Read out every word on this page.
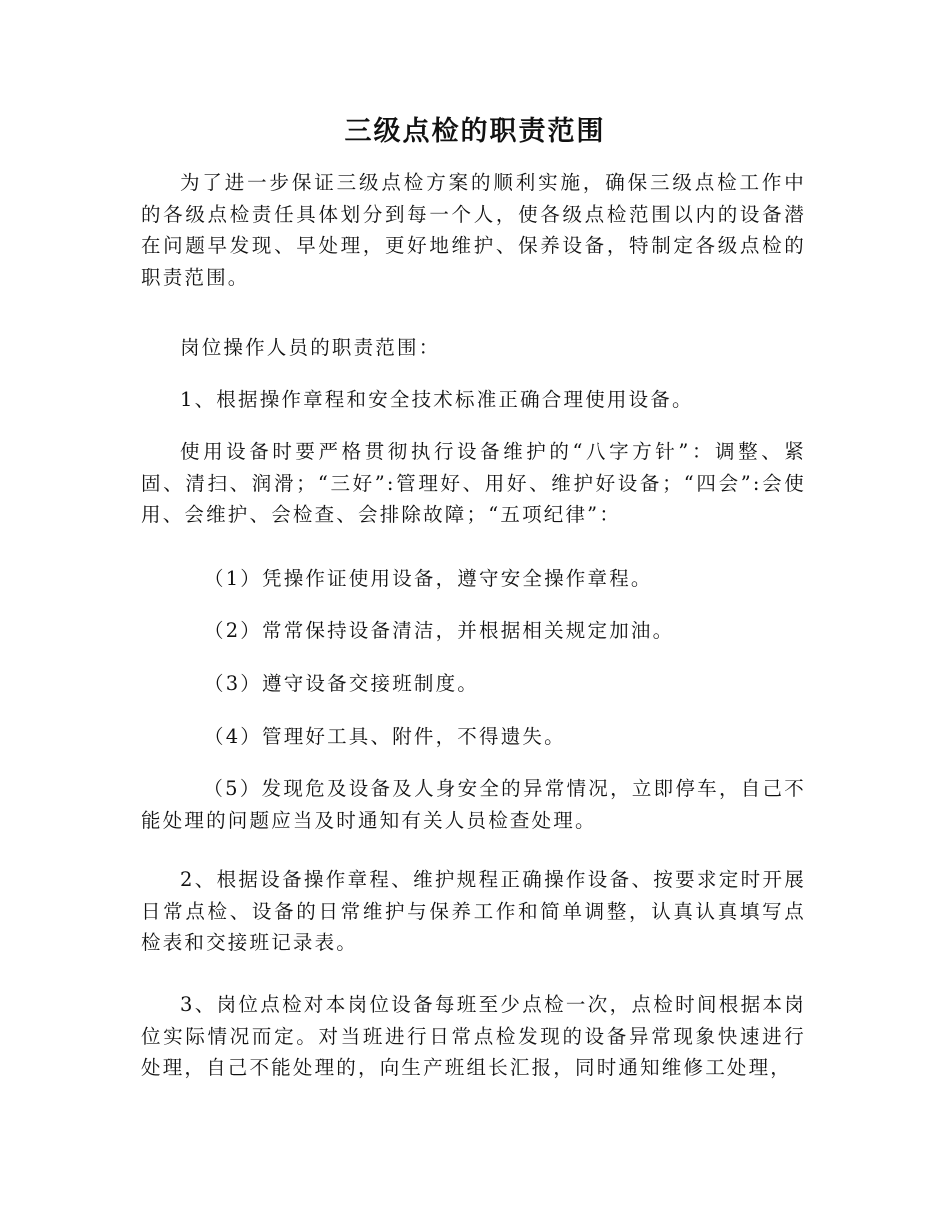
三级点检的职责范围

为了进一步保证三级点检方案的顺利实施，确保三级点检工作中的各级点检责任具体划分到每一个人，使各级点检范围以内的设备潜在问题早发现、早处理，更好地维护、保养设备，特制定各级点检的职责范围。

岗位操作人员的职责范围：

1、根据操作章程和安全技术标准正确合理使用设备。

使用设备时要严格贯彻执行设备维护的“八字方针”：调整、紧固、清扫、润滑；“三好”:管理好、用好、维护好设备；“四会”:会使用、会维护、会检查、会排除故障；“五项纪律”：

（1）凭操作证使用设备，遵守安全操作章程。

（2）常常保持设备清洁，并根据相关规定加油。

（3）遵守设备交接班制度。

（4）管理好工具、附件，不得遗失。

（5）发现危及设备及人身安全的异常情况，立即停车，自己不能处理的问题应当及时通知有关人员检查处理。

2、根据设备操作章程、维护规程正确操作设备、按要求定时开展日常点检、设备的日常维护与保养工作和简单调整，认真认真填写点检表和交接班记录表。

3、岗位点检对本岗位设备每班至少点检一次，点检时间根据本岗位实际情况而定。对当班进行日常点检发现的设备异常现象快速进行处理，自己不能处理的，向生产班组长汇报，同时通知维修工处理，
